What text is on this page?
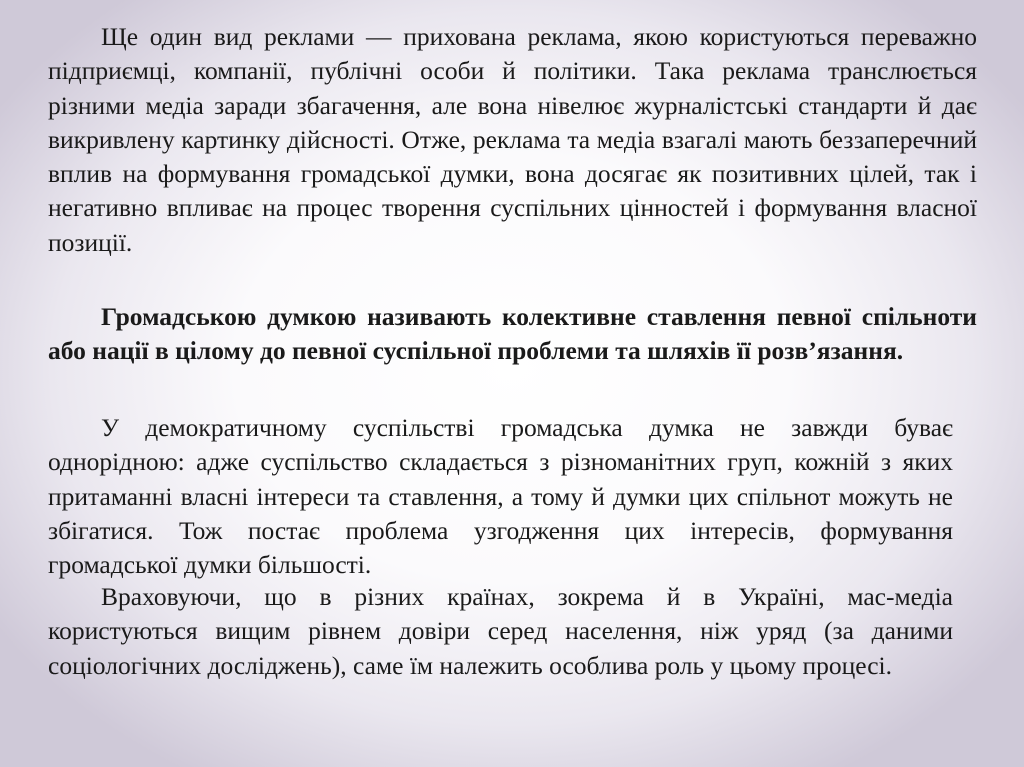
Ще один вид реклами — прихована реклама, якою користуються переважно підприємці, компанії, публічні особи й політики. Така реклама транслюється різними медіа заради збагачення, але вона нівелює журналістські стандарти й дає викривлену картинку дійсності. Отже, реклама та медіа взагалі мають беззаперечний вплив на формування громадської думки, вона досягає як позитивних цілей, так і негативно впливає на процес творення суспільних цінностей і формування власної позиції.

Громадською думкою називають колективне ставлення певної спільноти або нації в цілому до певної суспільної проблеми та шляхів її розв’язання.

У демократичному суспільстві громадська думка не завжди буває однорідною: адже суспільство складається з різноманітних груп, кожній з яких притаманні власні інтереси та ставлення, а тому й думки цих спільнот можуть не збігатися. Тож постає проблема узгодження цих інтересів, формування громадської думки більшості.

Враховуючи, що в різних країнах, зокрема й в Україні, мас-медіа користуються вищим рівнем довіри серед населення, ніж уряд (за даними соціологічних досліджень), саме їм належить особлива роль у цьому процесі.
